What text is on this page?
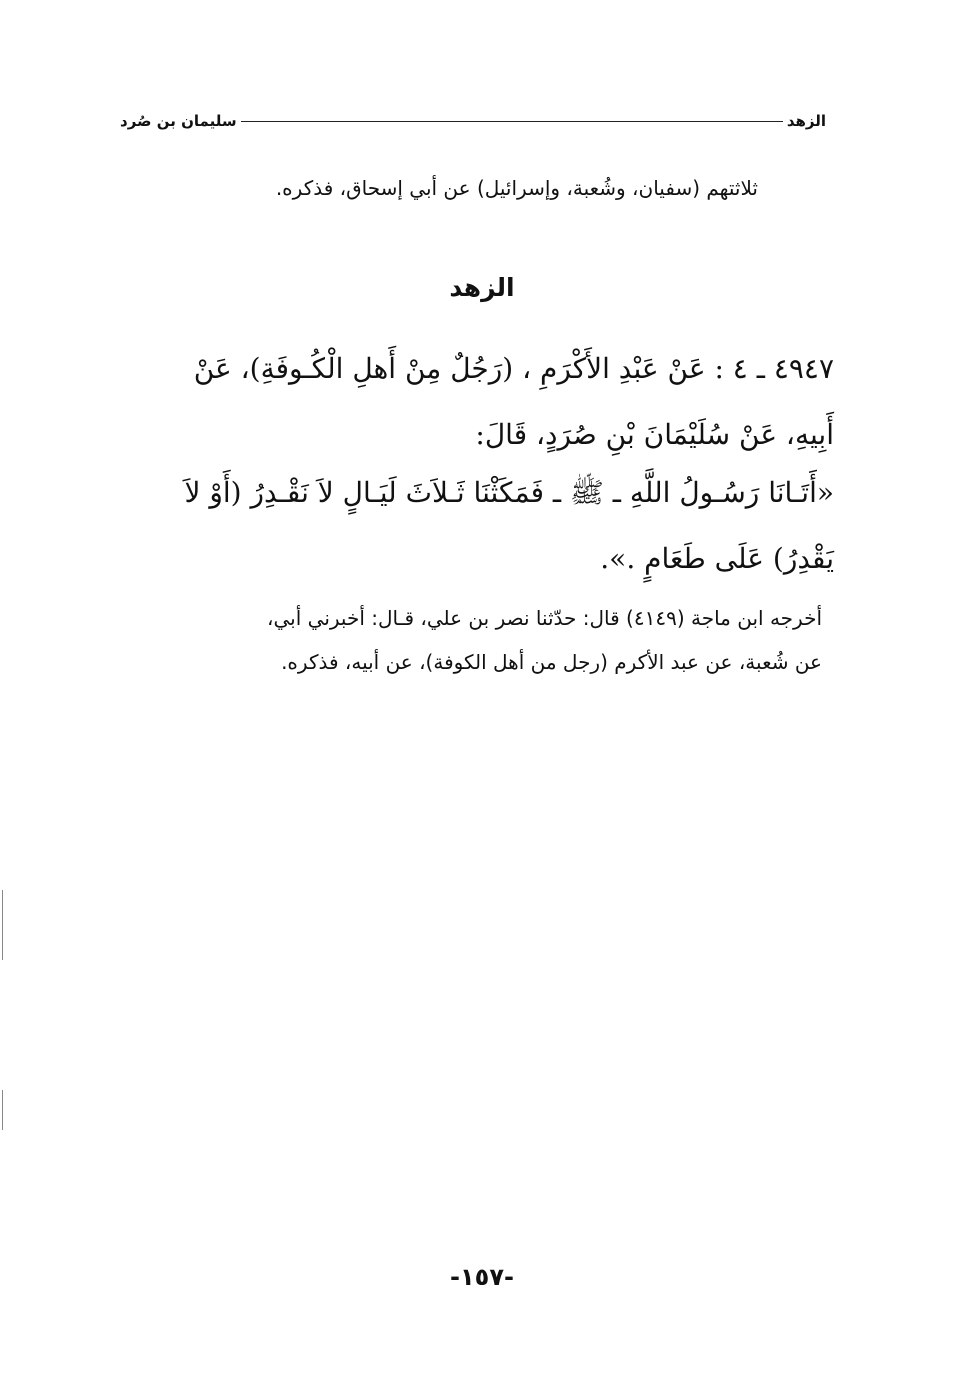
الزهد
سليمان بن صُرد
ثلاثتهم (سفيان، وشُعبة، وإسرائيل) عن أبي إسحاق، فذكره.
الزهد
٤٩٤٧ ـ ٤ : عَنْ عَبْدِ الأَكْرَمِ ، (رَجُلٌ مِنْ أَهلِ الْكُـوفَةِ)، عَنْ
أَبِيهِ، عَنْ سُلَيْمَانَ بْنِ صُرَدٍ، قَالَ:
«أَتَـانَا رَسُـولُ اللَّهِ ـ ﷺ ـ فَمَكَثْنَا ثَـلاَثَ لَيَـالٍ لاَ نَقْـدِرُ (أَوْ لاَ
يَقْدِرُ) عَلَى طَعَامٍ .».
أخرجه ابن ماجة (٤١٤٩) قال: حدّثنا نصر بن علي، قـال: أخبرني أبي،
عن شُعبة، عن عبد الأكرم (رجل من أهل الكوفة)، عن أبيه، فذكره.
-١٥٧-
